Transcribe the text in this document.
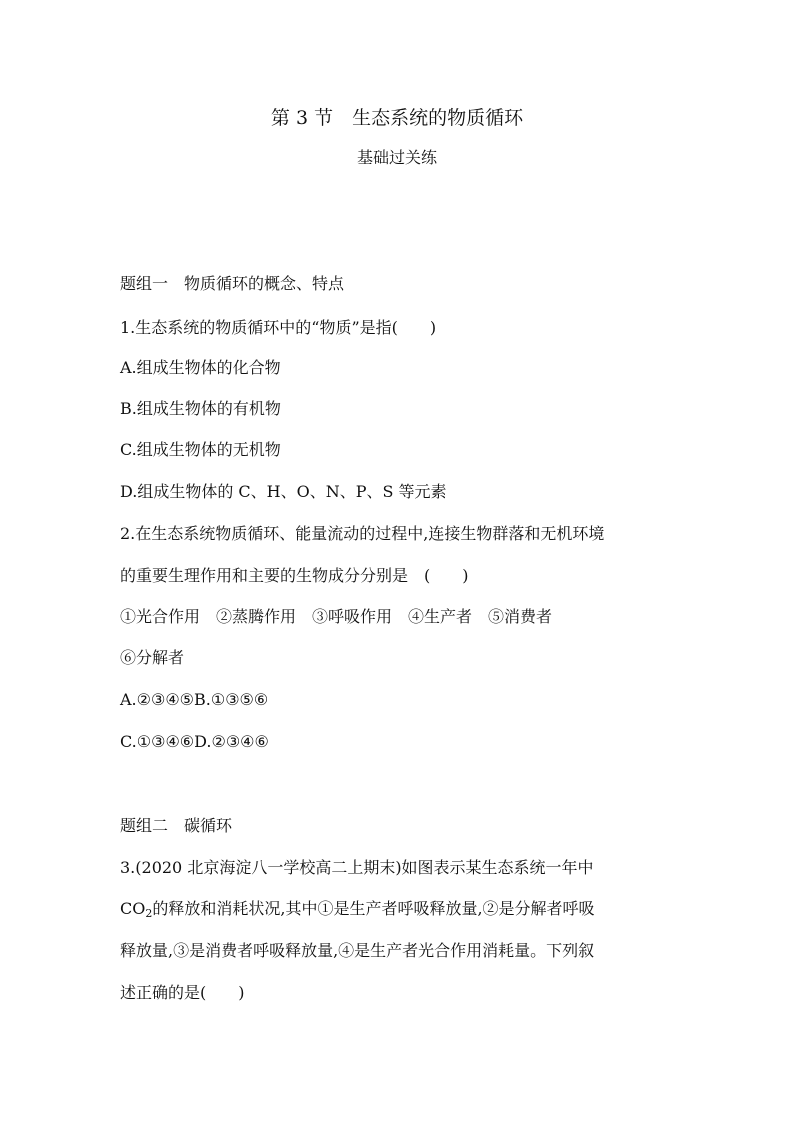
第 3 节　生态系统的物质循环
基础过关练
题组一　物质循环的概念、特点
1.生态系统的物质循环中的“物质”是指(　　)
A.组成生物体的化合物
B.组成生物体的有机物
C.组成生物体的无机物
D.组成生物体的 C、H、O、N、P、S 等元素
2.在生态系统物质循环、能量流动的过程中,连接生物群落和无机环境
的重要生理作用和主要的生物成分分别是　(　　)
①光合作用　②蒸腾作用　③呼吸作用　④生产者　⑤消费者
⑥分解者
A.②③④⑤B.①③⑤⑥
C.①③④⑥D.②③④⑥
题组二　碳循环
3.(2020 北京海淀八一学校高二上期末)如图表示某生态系统一年中
$CO_2$的释放和消耗状况,其中①是生产者呼吸释放量,②是分解者呼吸
释放量,③是消费者呼吸释放量,④是生产者光合作用消耗量。下列叙
述正确的是(　　)
